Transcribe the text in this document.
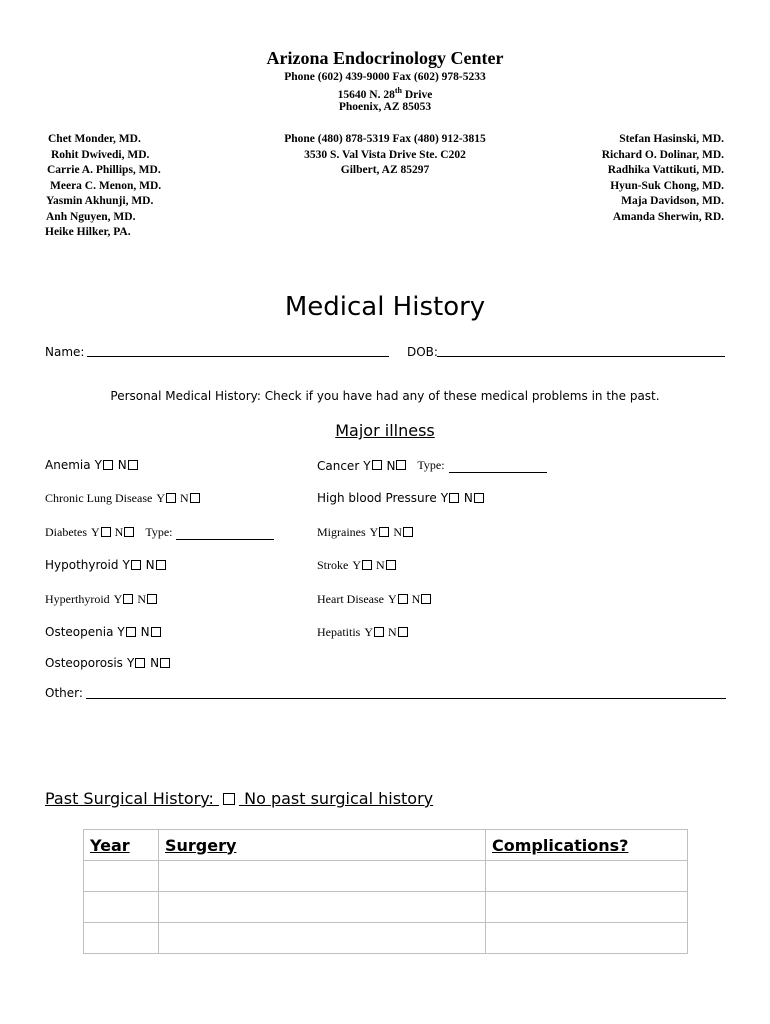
Arizona Endocrinology Center
Phone (602) 439-9000 Fax (602) 978-5233
15640 N. 28th Drive
Phoenix, AZ 85053
Chet Monder, MD.
Rohit Dwivedi, MD.
Carrie A. Phillips, MD.
Meera C. Menon, MD.
Yasmin Akhunji, MD.
Anh Nguyen, MD.
Heike Hilker, PA.
Phone (480) 878-5319 Fax (480) 912-3815
3530 S. Val Vista Drive Ste. C202
Gilbert, AZ 85297
Stefan Hasinski, MD.
Richard O. Dolinar, MD.
Radhika Vattikuti, MD.
Hyun-Suk Chong, MD.
Maja Davidson, MD.
Amanda Sherwin, RD.
Medical History
Name:	DOB:
Personal Medical History: Check if you have had any of these medical problems in the past.
Major illness
Anemia Y N
Chronic Lung Disease Y N
Diabetes Y N	Type:
Hypothyroid Y N
Hyperthyroid Y N
Osteopenia Y N
Osteoporosis Y N
Cancer Y N	Type:
High blood Pressure Y N
Migraines Y N
Stroke Y N
Heart Disease Y N
Hepatitis Y N
Other:
Past Surgical History: No past surgical history
Year	Surgery	Complications?
